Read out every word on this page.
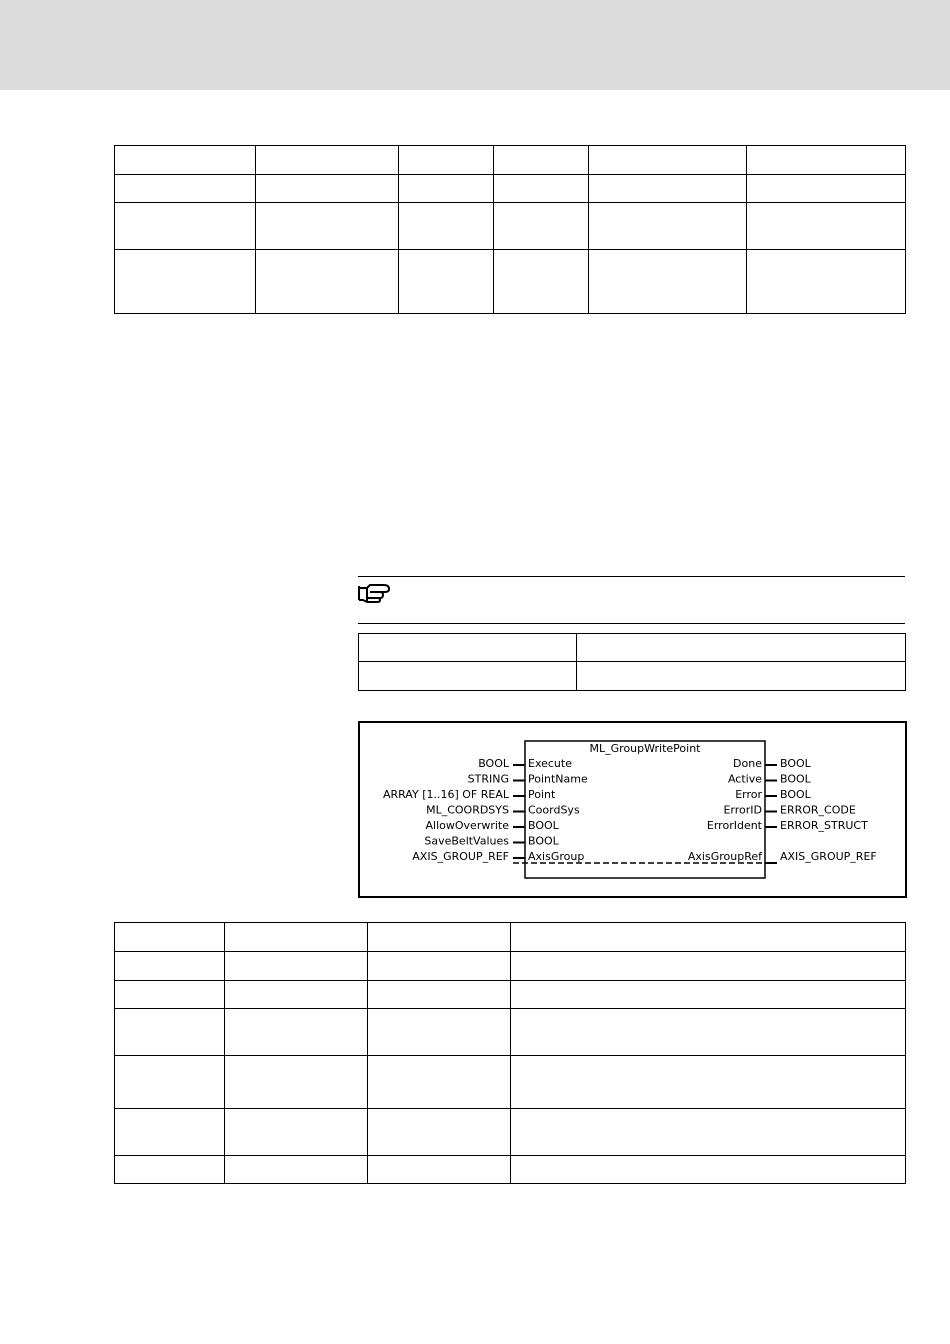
ML_GroupWritePoint
BOOL Execute
STRING PointName
ARRAY [1..16] OF REAL Point
ML_COORDSYS CoordSys
AllowOverwrite BOOL
SaveBeltValues BOOL
AXIS_GROUP_REF AxisGroup
Done BOOL
Active BOOL
Error BOOL
ErrorID ERROR_CODE
ErrorIdent ERROR_STRUCT
AxisGroupRef AXIS_GROUP_REF
